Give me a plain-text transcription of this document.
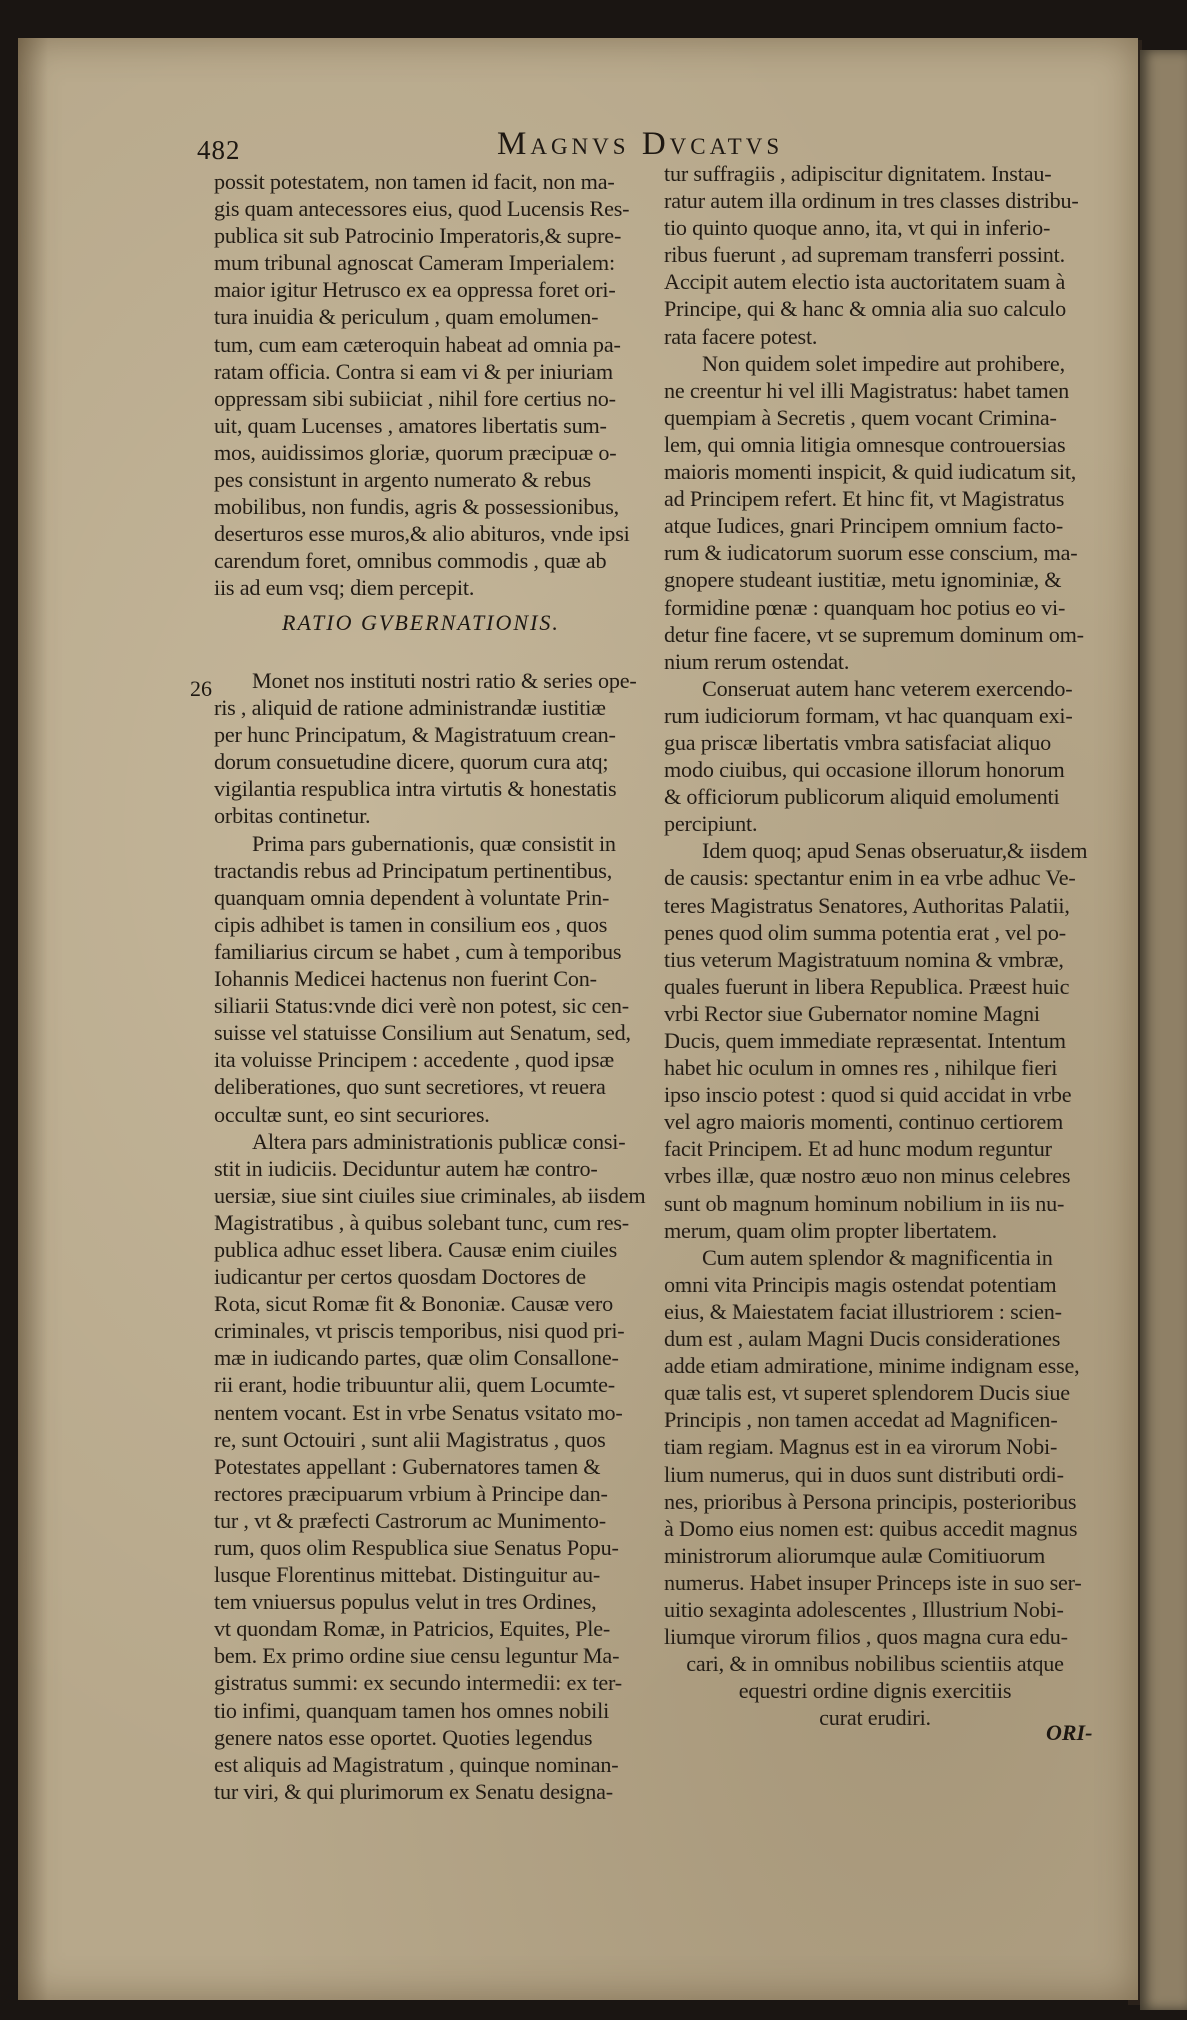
482	Magnvs Dvcatvs
possit potestatem, non tamen id facit, non ma-
gis quam antecessores eius, quod Lucensis Res-
publica sit sub Patrocinio Imperatoris,& supre-
mum tribunal agnoscat Cameram Imperialem:
maior igitur Hetrusco ex ea oppressa foret ori-
tura inuidia & periculum , quam emolumen-
tum, cum eam cæteroquin habeat ad omnia pa-
ratam officia. Contra si eam vi & per iniuriam
oppressam sibi subiiciat , nihil fore certius no-
uit, quam Lucenses , amatores libertatis sum-
mos, auidissimos gloriæ, quorum præcipuæ o-
pes consistunt in argento numerato & rebus
mobilibus, non fundis, agris & possessionibus,
deserturos esse muros,& alio abituros, vnde ipsi
carendum foret, omnibus commodis , quæ ab
iis ad eum vsq; diem percepit.
RATIO GVBERNATIONIS.
26	Monet nos instituti nostri ratio & series ope-
ris , aliquid de ratione administrandæ iustitiæ
per hunc Principatum, & Magistratuum crean-
dorum consuetudine dicere, quorum cura atq;
vigilantia respublica intra virtutis & honestatis
orbitas continetur.
Prima pars gubernationis, quæ consistit in
tractandis rebus ad Principatum pertinentibus,
quanquam omnia dependent à voluntate Prin-
cipis adhibet is tamen in consilium eos , quos
familiarius circum se habet , cum à temporibus
Iohannis Medicei hactenus non fuerint Con-
siliarii Status:vnde dici verè non potest, sic cen-
suisse vel statuisse Consilium aut Senatum, sed,
ita voluisse Principem : accedente , quod ipsæ
deliberationes, quo sunt secretiores, vt reuera
occultæ sunt, eo sint securiores.
Altera pars administrationis publicæ consi-
stit in iudiciis. Deciduntur autem hæ contro-
uersiæ, siue sint ciuiles siue criminales, ab iisdem
Magistratibus , à quibus solebant tunc, cum res-
publica adhuc esset libera. Causæ enim ciuiles
iudicantur per certos quosdam Doctores de
Rota, sicut Romæ fit & Bononiæ. Causæ vero
criminales, vt priscis temporibus, nisi quod pri-
mæ in iudicando partes, quæ olim Consallone-
rii erant, hodie tribuuntur alii, quem Locumte-
nentem vocant. Est in vrbe Senatus vsitato mo-
re, sunt Octouiri , sunt alii Magistratus , quos
Potestates appellant : Gubernatores tamen &
rectores præcipuarum vrbium à Principe dan-
tur , vt & præfecti Castrorum ac Munimento-
rum, quos olim Respublica siue Senatus Popu-
lusque Florentinus mittebat. Distinguitur au-
tem vniuersus populus velut in tres Ordines,
vt quondam Romæ, in Patricios, Equites, Ple-
bem. Ex primo ordine siue censu leguntur Ma-
gistratus summi: ex secundo intermedii: ex ter-
tio infimi, quanquam tamen hos omnes nobili
genere natos esse oportet. Quoties legendus
est aliquis ad Magistratum , quinque nominan-
tur viri, & qui plurimorum ex Senatu designa-
tur suffragiis , adipiscitur dignitatem. Instau-
ratur autem illa ordinum in tres classes distribu-
tio quinto quoque anno, ita, vt qui in inferio-
ribus fuerunt , ad supremam transferri possint.
Accipit autem electio ista auctoritatem suam à
Principe, qui & hanc & omnia alia suo calculo
rata facere potest.
Non quidem solet impedire aut prohibere,
ne creentur hi vel illi Magistratus: habet tamen
quempiam à Secretis , quem vocant Crimina-
lem, qui omnia litigia omnesque controuersias
maioris momenti inspicit, & quid iudicatum sit,
ad Principem refert. Et hinc fit, vt Magistratus
atque Iudices, gnari Principem omnium facto-
rum & iudicatorum suorum esse conscium, ma-
gnopere studeant iustitiæ, metu ignominiæ, &
formidine pœnæ : quanquam hoc potius eo vi-
detur fine facere, vt se supremum dominum om-
nium rerum ostendat.
Conseruat autem hanc veterem exercendo-
rum iudiciorum formam, vt hac quanquam exi-
gua priscæ libertatis vmbra satisfaciat aliquo
modo ciuibus, qui occasione illorum honorum
& officiorum publicorum aliquid emolumenti
percipiunt.
Idem quoq; apud Senas obseruatur,& iisdem
de causis: spectantur enim in ea vrbe adhuc Ve-
teres Magistratus Senatores, Authoritas Palatii,
penes quod olim summa potentia erat , vel po-
tius veterum Magistratuum nomina & vmbræ,
quales fuerunt in libera Republica. Præest huic
vrbi Rector siue Gubernator nomine Magni
Ducis, quem immediate repræsentat. Intentum
habet hic oculum in omnes res , nihilque fieri
ipso inscio potest : quod si quid accidat in vrbe
vel agro maioris momenti, continuo certiorem
facit Principem. Et ad hunc modum reguntur
vrbes illæ, quæ nostro æuo non minus celebres
sunt ob magnum hominum nobilium in iis nu-
merum, quam olim propter libertatem.
Cum autem splendor & magnificentia in
omni vita Principis magis ostendat potentiam
eius, & Maiestatem faciat illustriorem : scien-
dum est , aulam Magni Ducis considerationes
adde etiam admiratione, minime indignam esse,
quæ talis est, vt superet splendorem Ducis siue
Principis , non tamen accedat ad Magnificen-
tiam regiam. Magnus est in ea virorum Nobi-
lium numerus, qui in duos sunt distributi ordi-
nes, prioribus à Persona principis, posterioribus
à Domo eius nomen est: quibus accedit magnus
ministrorum aliorumque aulæ Comitiuorum
numerus. Habet insuper Princeps iste in suo ser-
uitio sexaginta adolescentes , Illustrium Nobi-
liumque virorum filios , quos magna cura edu-
cari, & in omnibus nobilibus scientiis atque
equestri ordine dignis exercitiis
curat erudiri.
ORI-
